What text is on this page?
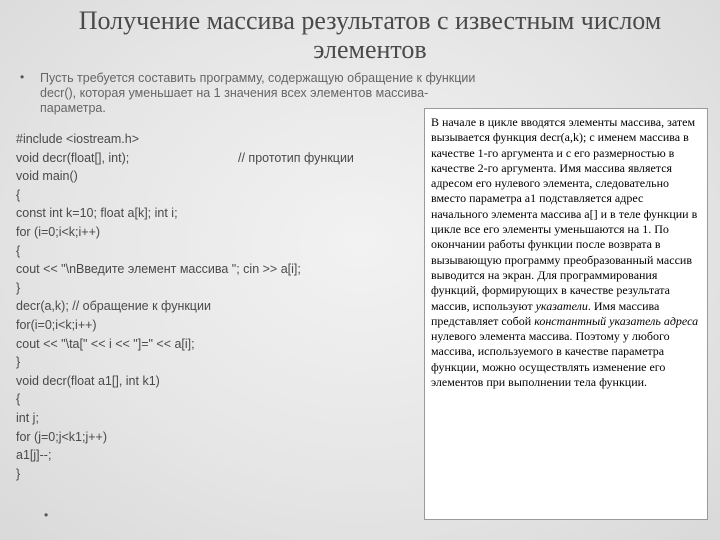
Получение массива результатов с известным числом элементов
• Пусть требуется составить программу, содержащую обращение к функции decr(), которая уменьшает на 1 значения всех элементов массива-параметра.
#include <iostream.h>
void decr(float[], int);	// прототип функции
void main()
{
const int k=10; float a[k]; int i;
for (i=0;i<k;i++)
{
cout << "\nВведите элемент массива "; cin >> a[i];
}
decr(a,k); // обращение к функции
for(i=0;i<k;i++)
cout << "\ta[" << i << "]=" << a[i];
}
void decr(float a1[], int k1)
{
int j;
for (j=0;j<k1;j++)
a1[j]--;
}
•
В начале в цикле вводятся элементы массива, затем вызывается функция decr(a,k); с именем массива в качестве 1-го аргумента и с его размерностью в качестве 2-го аргумента. Имя массива является адресом его нулевого элемента, следовательно вместо параметра a1 подставляется адрес начального элемента массива a[] и в теле функции в цикле все его элементы уменьшаются на 1. По окончании работы функции после возврата в вызывающую программу преобразованный массив выводится на экран. Для программирования функций, формирующих в качестве результата массив, используют указатели. Имя массива представляет собой константный указатель адреса нулевого элемента массива. Поэтому у любого массива, используемого в качестве параметра функции, можно осуществлять изменение его элементов при выполнении тела функции.
